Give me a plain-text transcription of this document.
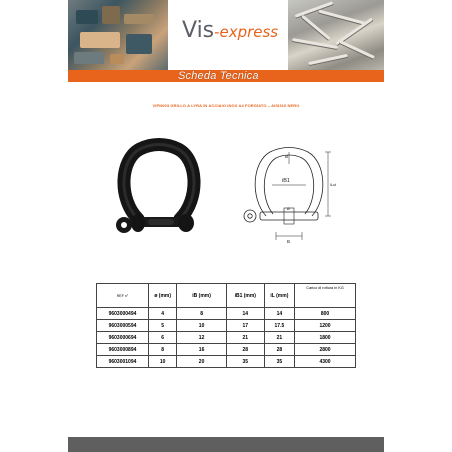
Vis-express
Scheda Tecnica
VIPN003 GRILLO A LYRA IN ACCIAIO INOX A4 FORGIATO – AISI316 NERO
ø
iB1
iLui
ø
B
REF n°	ø (mm)	iB (mm)	iB1 (mm)	iL (mm)	Carico di rottura in KG
9603000494	4	8	14	14	800
9603000594	5	10	17	17.5	1200
9603000694	6	12	21	21	1800
9603000894	8	16	28	28	2800
9603001094	10	20	35	35	4300
